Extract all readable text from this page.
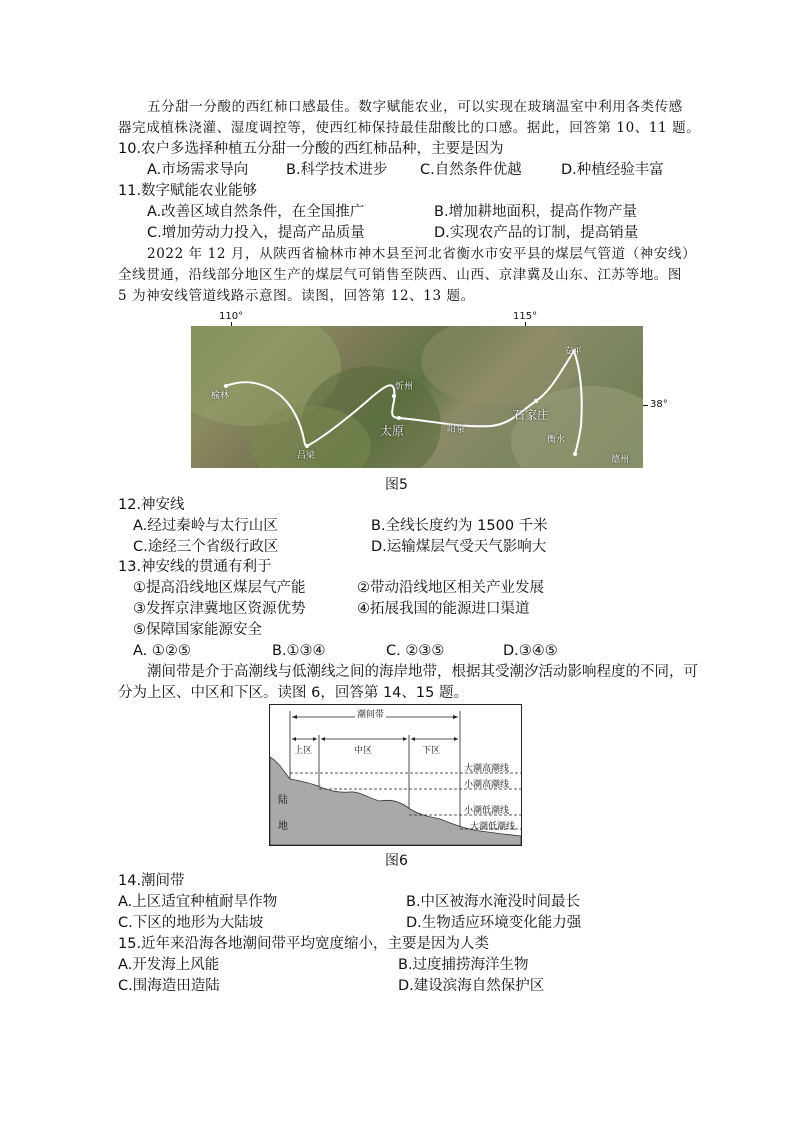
五分甜一分酸的西红柿口感最佳。数字赋能农业，可以实现在玻璃温室中利用各类传感
器完成植株浇灌、湿度调控等，使西红柿保持最佳甜酸比的口感。据此，回答第 10、11 题。
10.农户多选择种植五分甜一分酸的西红柿品种，主要是因为
A.市场需求导向	B.科学技术进步 C.自然条件优越	D.种植经验丰富
11.数字赋能农业能够
A.改善区域自然条件，在全国推广	B.增加耕地面积，提高作物产量
C.增加劳动力投入，提高产品质量	D.实现农产品的订制，提高销量
2022 年 12 月，从陕西省榆林市神木县至河北省衡水市安平县的煤层气管道（神安线）
全线贯通，沿线部分地区生产的煤层气可销售至陕西、山西、京津冀及山东、江苏等地。图
5 为神安线管道线路示意图。读图，回答第 12、13 题。
110°	115°
38°
榆林
吕梁
忻州
太原	阳泉
石家庄
安平
衡水
德州
图5
12.神安线
A.经过秦岭与太行山区	B.全线长度约为 1500 千米
C.途经三个省级行政区	D.运输煤层气受天气影响大
13.神安线的贯通有利于
①提高沿线地区煤层气产能	②带动沿线地区相关产业发展
③发挥京津冀地区资源优势	④拓展我国的能源进口渠道
⑤保障国家能源安全
A. ①②⑤	B.①③④	C. ②③⑤	D.③④⑤
潮间带是介于高潮线与低潮线之间的海岸地带，根据其受潮汐活动影响程度的不同，可
分为上区、中区和下区。读图 6，回答第 14、15 题。
潮间带
上区	中区	下区
大潮高潮线
小潮高潮线
小潮低潮线
大潮低潮线
陆
地
图6
14.潮间带
A.上区适宜种植耐旱作物	B.中区被海水淹没时间最长
C.下区的地形为大陆坡	D.生物适应环境变化能力强
15.近年来沿海各地潮间带平均宽度缩小，主要是因为人类
A.开发海上风能	B.过度捕捞海洋生物
C.围海造田造陆	D.建设滨海自然保护区
